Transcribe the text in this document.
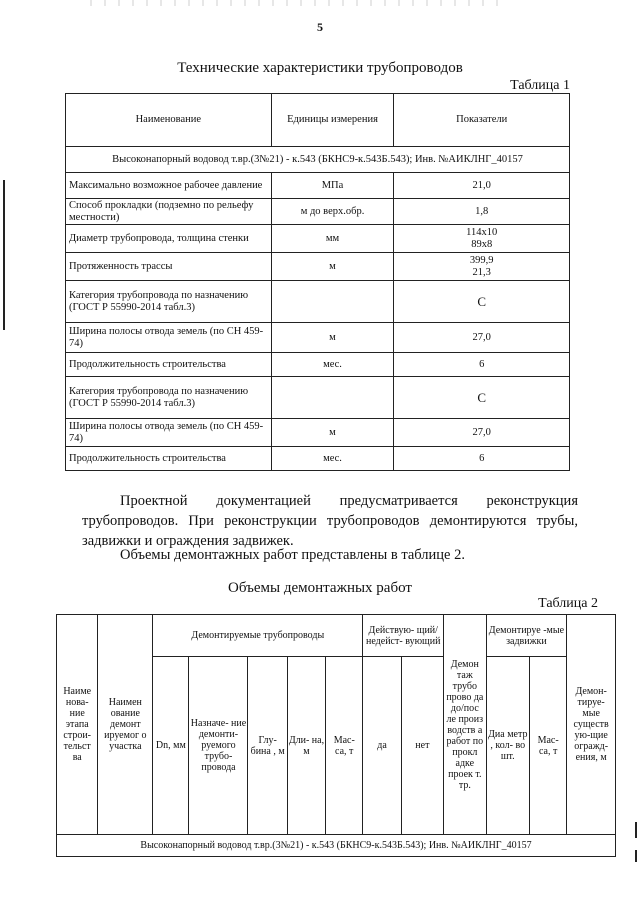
5
Технические характеристики трубопроводов
Таблица 1
Наименование	Единицы измерения	Показатели
Высоконапорный водовод т.вр.(3№21) - к.543 (БКНС9-к.543Б.543); Инв. №АИКЛНГ_40157		
Максимально возможное рабочее давление	МПа	21,0
Способ прокладки (подземно по рельефу местности)	м до верх.обр.	1,8
Диаметр трубопровода, толщина стенки	мм	114x10
89x8
Протяженность трассы	м	399,9
21,3
Категория трубопровода по назначению (ГОСТ Р 55990-2014 табл.3)		С
Ширина полосы отвода земель (по СН 459-74)	м	27,0
Продолжительность строительства	мес.	6
Категория трубопровода по назначению (ГОСТ Р 55990-2014 табл.3)		С
Ширина полосы отвода земель (по СН 459-74)	м	27,0
Продолжительность строительства	мес.	6
Проектной документацией предусматривается реконструкция трубопроводов. При реконструкции трубопроводов демонтируются трубы, задвижки и ограждения задвижек.
Объемы демонтажных работ представлены в таблице 2.
Объемы демонтажных работ
Таблица 2
Наиме нова- ние этапа строи- тельст ва	Наимен ование демонт ируемог о участка	Демонтируемые трубопроводы					Действую- щий/недейст- вующий		Демон таж трубо прово да до/пос ле произ водств а работ по прокл адке проек т. тр.	Демонтируе -мые задвижки		Демон- тируе- мые существ ую-щие огражд- ения, м
		Dn, мм	Назначе- ние демонти- руемого трубо- провода	Глу- бина , м	Дли- на, м	Мас- са, т	да	нет		Диа метр , кол- во шт.	Мас- са, т	
Высоконапорный водовод т.вр.(3№21) - к.543 (БКНС9-к.543Б.543); Инв. №АИКЛНГ_40157												
